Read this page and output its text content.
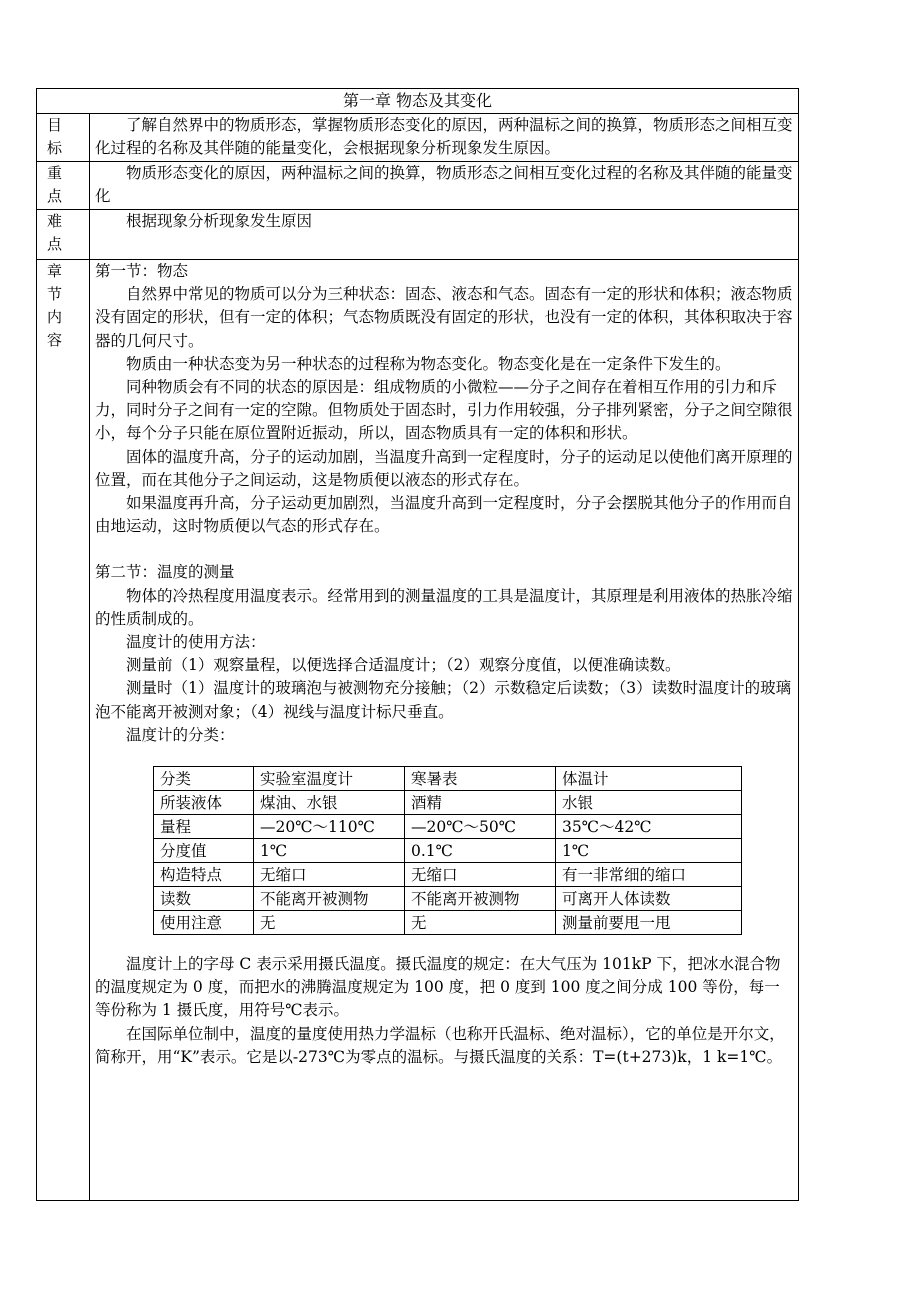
第一章 物态及其变化
目
标

了解自然界中的物质形态，掌握物质形态变化的原因，两种温标之间的换算，物质形态之间相互变化过程的名称及其伴随的能量变化，会根据现象分析现象发生原因。

重
点

物质形态变化的原因，两种温标之间的换算，物质形态之间相互变化过程的名称及其伴随的能量变化

难
点

根据现象分析现象发生原因

章
节
内
容

第一节：物态

自然界中常见的物质可以分为三种状态：固态、液态和气态。固态有一定的形状和体积；液态物质没有固定的形状，但有一定的体积；气态物质既没有固定的形状，也没有一定的体积，其体积取决于容器的几何尺寸。

物质由一种状态变为另一种状态的过程称为物态变化。物态变化是在一定条件下发生的。

同种物质会有不同的状态的原因是：组成物质的小微粒——分子之间存在着相互作用的引力和斥力，同时分子之间有一定的空隙。但物质处于固态时，引力作用较强，分子排列紧密，分子之间空隙很小，每个分子只能在原位置附近振动，所以，固态物质具有一定的体积和形状。

固体的温度升高，分子的运动加剧，当温度升高到一定程度时，分子的运动足以使他们离开原理的位置，而在其他分子之间运动，这是物质便以液态的形式存在。

如果温度再升高，分子运动更加剧烈，当温度升高到一定程度时，分子会摆脱其他分子的作用而自由地运动，这时物质便以气态的形式存在。

第二节：温度的测量

物体的冷热程度用温度表示。经常用到的测量温度的工具是温度计，其原理是利用液体的热胀冷缩的性质制成的。

温度计的使用方法：

测量前（1）观察量程，以便选择合适温度计；（2）观察分度值，以便准确读数。

测量时（1）温度计的玻璃泡与被测物充分接触；（2）示数稳定后读数；（3）读数时温度计的玻璃泡不能离开被测对象；（4）视线与温度计标尺垂直。

温度计的分类：

分类	实验室温度计	寒暑表	体温计
所装液体	煤油、水银	酒精	水银
量程	—20℃～110℃	—20℃～50℃	35℃～42℃
分度值	1℃	0.1℃	1℃
构造特点	无缩口	无缩口	有一非常细的缩口
读数	不能离开被测物	不能离开被测物	可离开人体读数
使用注意	无	无	测量前要甩一甩

温度计上的字母 C 表示采用摄氏温度。摄氏温度的规定：在大气压为 101kP 下，把冰水混合物的温度规定为 0 度，而把水的沸腾温度规定为 100 度，把 0 度到 100 度之间分成 100 等份，每一等份称为 1 摄氏度，用符号℃表示。

在国际单位制中，温度的量度使用热力学温标（也称开氏温标、绝对温标），它的单位是开尔文，简称开，用“K”表示。它是以-273℃为零点的温标。与摄氏温度的关系：T=(t+273)k，1 k=1℃。
